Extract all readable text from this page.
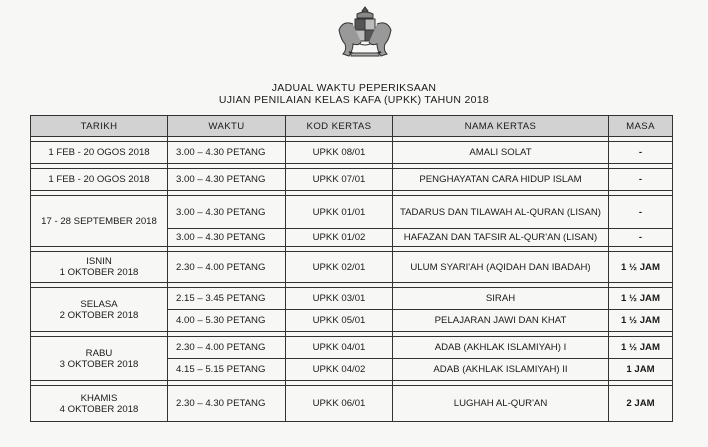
JADUAL WAKTU PEPERIKSAAN
UJIAN PENILAIAN KELAS KAFA (UPKK) TAHUN 2018
TARIKH	WAKTU	KOD KERTAS	NAMA KERTAS	MASA

1 FEB - 20 OGOS 2018	3.00 – 4.30 PETANG	UPKK 08/01	AMALI SOLAT	-

1 FEB - 20 OGOS 2018	3.00 – 4.30 PETANG	UPKK 07/01	PENGHAYATAN CARA HIDUP ISLAM	-

17 - 28 SEPTEMBER 2018	3.00 – 4.30 PETANG	UPKK 01/01	TADARUS DAN TILAWAH AL-QURAN (LISAN)	-
	3.00 – 4.30 PETANG	UPKK 01/02	HAFAZAN DAN TAFSIR AL-QUR'AN (LISAN)	-

ISNIN
1 OKTOBER 2018	2.30 – 4.00 PETANG	UPKK 02/01	ULUM SYARI'AH (AQIDAH DAN IBADAH)	1 ½ JAM

SELASA
2 OKTOBER 2018	2.15 – 3.45 PETANG	UPKK 03/01	SIRAH	1 ½ JAM
	4.00 – 5.30 PETANG	UPKK 05/01	PELAJARAN JAWI DAN KHAT	1 ½ JAM

RABU
3 OKTOBER 2018	2.30 – 4.00 PETANG	UPKK 04/01	ADAB (AKHLAK ISLAMIYAH) I	1 ½ JAM
	4.15 – 5.15 PETANG	UPKK 04/02	ADAB (AKHLAK ISLAMIYAH) II	1 JAM

KHAMIS
4 OKTOBER 2018	2.30 – 4.30 PETANG	UPKK 06/01	LUGHAH AL-QUR'AN	2 JAM
